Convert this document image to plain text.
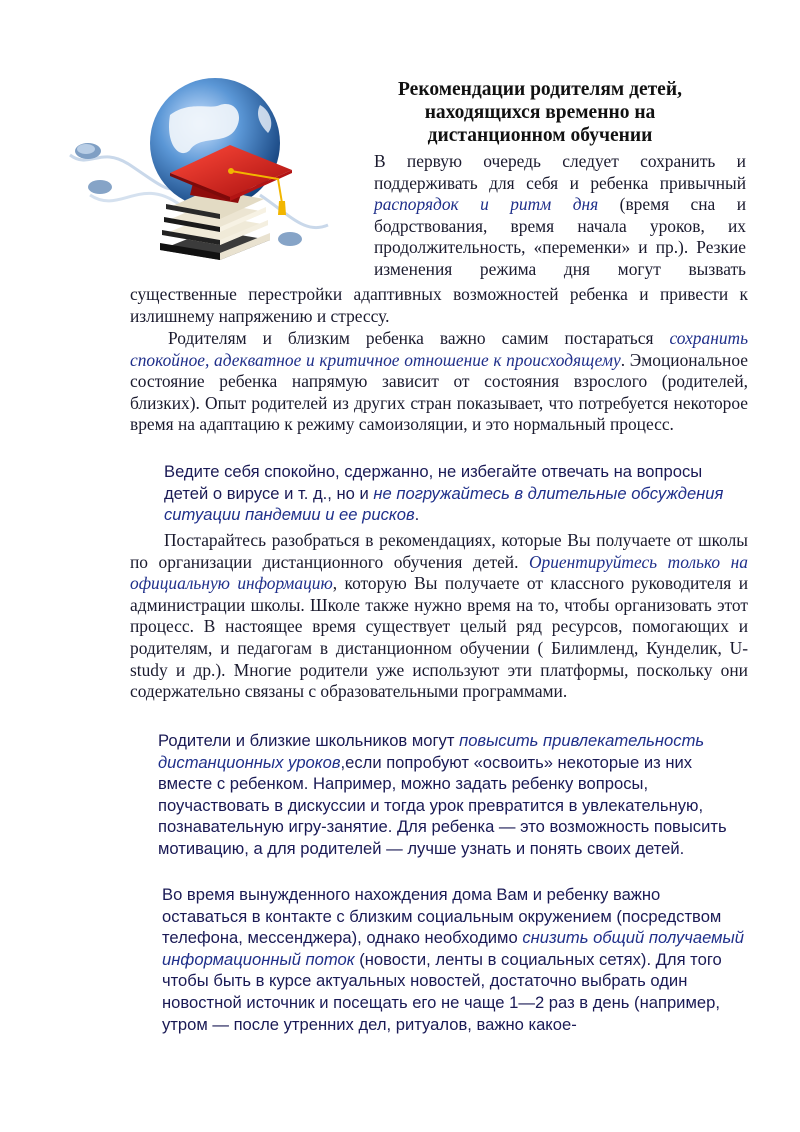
Рекомендации родителям детей,
находящихся временно на
дистанционном обучении
В первую очередь следует сохранить и
поддерживать для себя и ребенка привычный
распорядок и ритм дня (время сна и
бодрствования, время начала уроков, их
продолжительность, «переменки» и пр.). Резкие
изменения режима дня могут вызвать

существенные перестройки адаптивных возможностей ребенка и привести к излишнему напряжению и стрессу.

Родителям и близким ребенка важно самим постараться сохранить спокойное, адекватное и критичное отношение к происходящему. Эмоциональное состояние ребенка напрямую зависит от состояния взрослого (родителей, близких). Опыт родителей из других стран показывает, что потребуется некоторое время на адаптацию к режиму самоизоляции, и это нормальный процесс.

Ведите себя спокойно, сдержанно, не избегайте отвечать на вопросы детей о вирусе и т. д., но и не погружайтесь в длительные обсуждения ситуации пандемии и ее рисков.

Постарайтесь разобраться в рекомендациях, которые Вы получаете от школы по организации дистанционного обучения детей. Ориентируйтесь только на официальную информацию, которую Вы получаете от классного руководителя и администрации школы. Школе также нужно время на то, чтобы организовать этот процесс. В настоящее время существует целый ряд ресурсов, помогающих и родителям, и педагогам в дистанционном обучении ( Билимленд, Кунделик, U-study и др.). Многие родители уже используют эти платформы, поскольку они содержательно связаны с образовательными программами.

Родители и близкие школьников могут повысить привлекательность дистанционных уроков,если попробуют «освоить» некоторые из них вместе с ребенком. Например, можно задать ребенку вопросы, поучаствовать в дискуссии и тогда урок превратится в увлекательную, познавательную игру-занятие. Для ребенка — это возможность повысить мотивацию, а для родителей — лучше узнать и понять своих детей.

Во время вынужденного нахождения дома Вам и ребенку важно оставаться в контакте с близким социальным окружением (посредством телефона, мессенджера), однако необходимо снизить общий получаемый информационный поток (новости, ленты в социальных сетях). Для того чтобы быть в курсе актуальных новостей, достаточно выбрать один новостной источник и посещать его не чаще 1—2 раз в день (например, утром — после утренних дел, ритуалов, важно какое-
